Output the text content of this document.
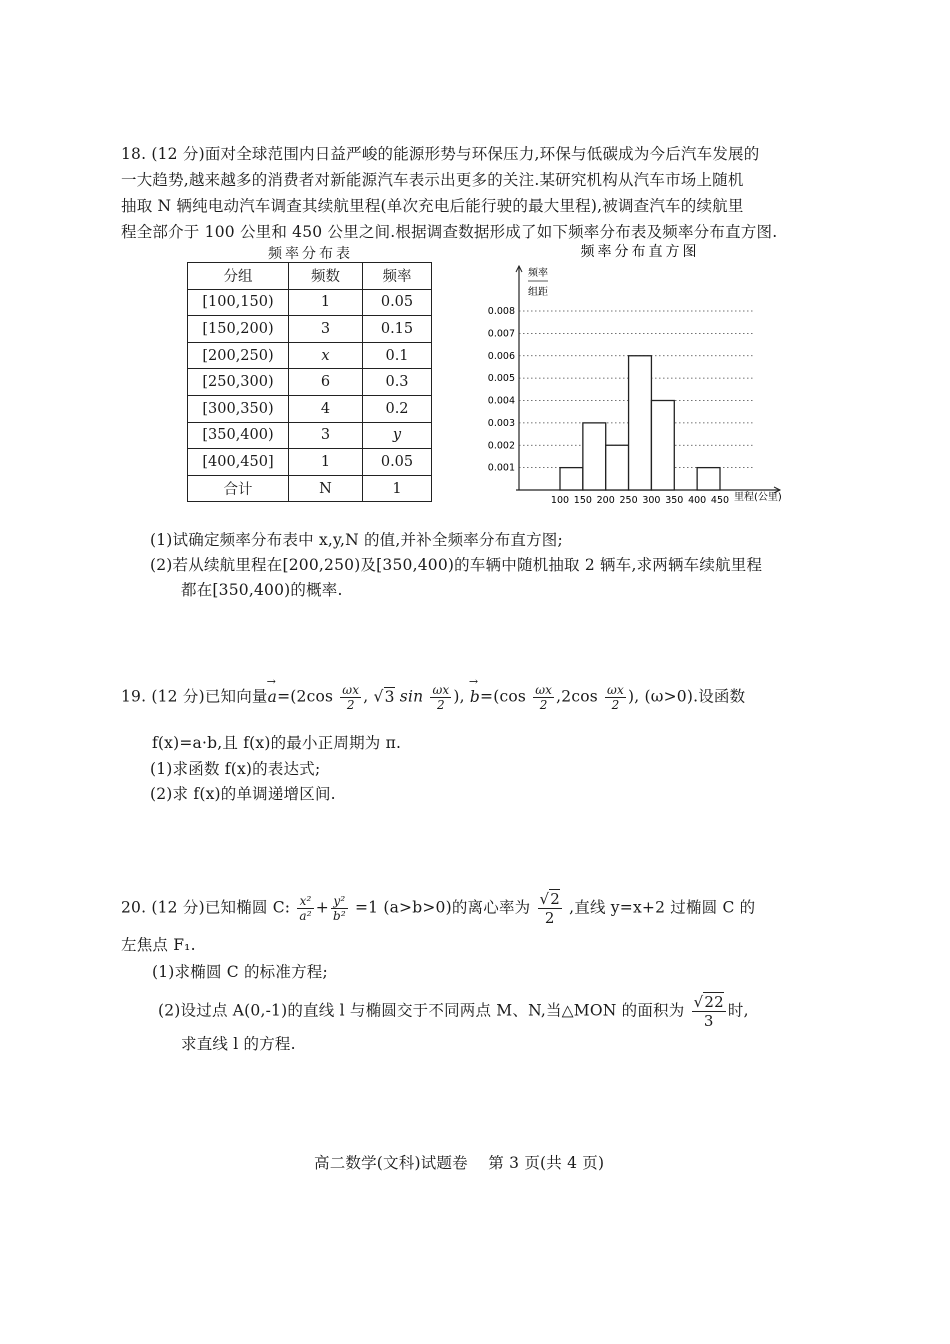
18. (12 分)面对全球范围内日益严峻的能源形势与环保压力,环保与低碳成为今后汽车发展的
一大趋势,越来越多的消费者对新能源汽车表示出更多的关注.某研究机构从汽车市场上随机
抽取 N 辆纯电动汽车调查其续航里程(单次充电后能行驶的最大里程),被调查汽车的续航里
程全部介于 100 公里和 450 公里之间.根据调查数据形成了如下频率分布表及频率分布直方图.
频率分布表
分组	频数	频率
[100,150)	1	0.05
[150,200)	3	0.15
[200,250)	x	0.1
[250,300)	6	0.3
[300,350)	4	0.2
[350,400)	3	y
[400,450]	1	0.05
合计	N	1
频率分布直方图
0.001
0.002
0.003
0.004
0.005
0.006
0.007
0.008
100 150 200 250 300 350 400 450
频率
组距
里程(公里)
(1)试确定频率分布表中 x,y,N 的值,并补全频率分布直方图;
(2)若从续航里程在[200,250)及[350,400)的车辆中随机抽取 2 辆车,求两辆车续航里程
都在[350,400)的概率.
19. (12 分)已知向量→ $a=(2\cos \frac{\omega x}{2}$ , √3 $\sin \frac{\omega x}{2}$ ), → $b=(\cos \frac{\omega x}{2} ,2\cos \frac{\omega x}{2}$ ), (ω>0).设函数
f(x)=a·b,且 f(x)的最小正周期为 π.
(1)求函数 f(x)的表达式;
(2)求 f(x)的单调递增区间.
20. (12 分)已知椭圆 C: $\frac{\text{x²}}{\text{a²}} + \frac{\text{y²}}{\text{b²}} =1$ (a>b>0)的离心率为 $\frac{√2}{2}$ ,直线 y=x+2 过椭圆 C 的
左焦点 F₁.
(1)求椭圆 C 的标准方程;
(2)设过点 A(0,-1)的直线 l 与椭圆交于不同两点 M、N,当△MON 的面积为 $\frac{√22}{3}$ 时,
求直线 l 的方程.
高二数学(文科)试题卷    第 3 页(共 4 页)
